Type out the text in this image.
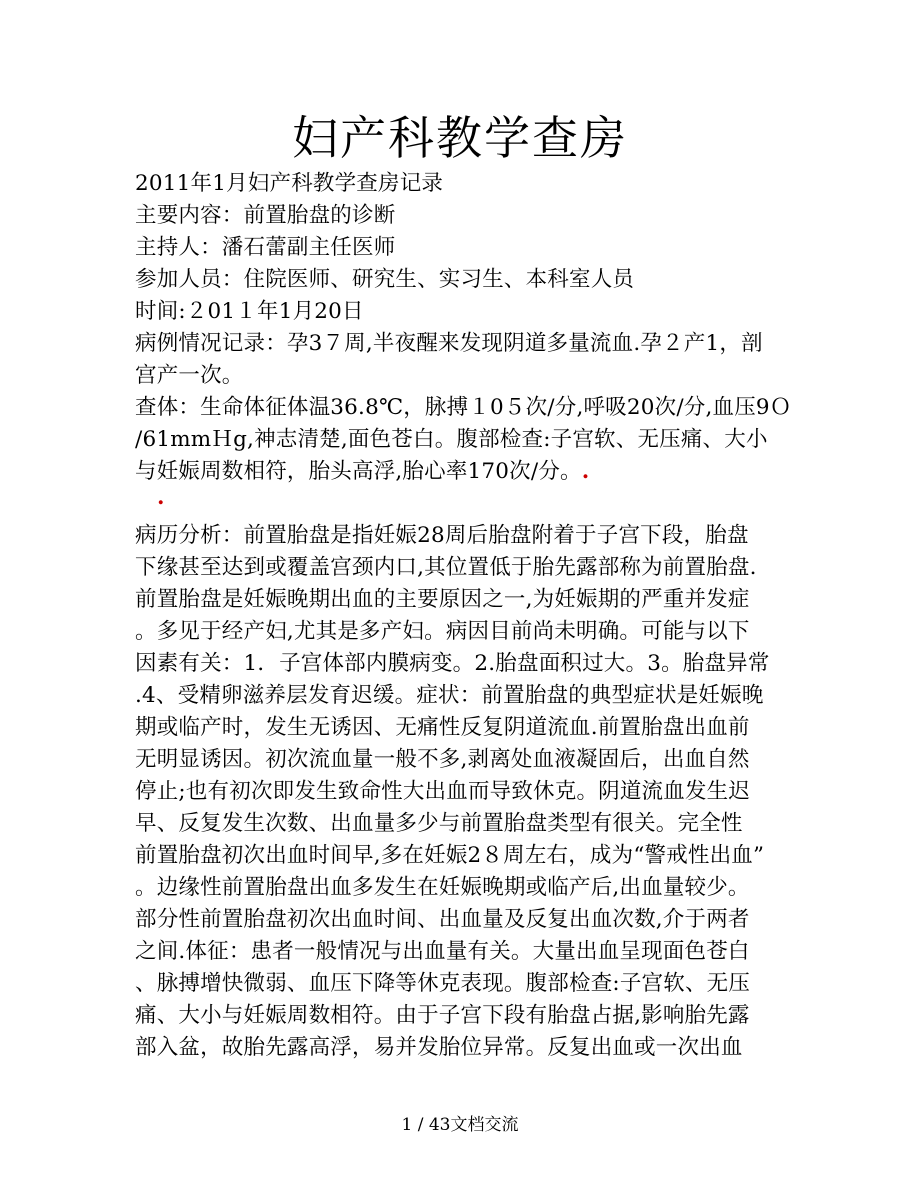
妇产科教学查房
2011年1月妇产科教学查房记录
主要内容：前置胎盘的诊断
主持人：潘石蕾副主任医师
参加人员：住院医师、研究生、实习生、本科室人员
时间:２01１年1月20日
病例情况记录：孕3７周,半夜醒来发现阴道多量流血.孕２产1，剖
宫产一次。
查体：生命体征体温36.8℃，脉搏１0５次/分,呼吸20次/分,血压9Ｏ
/61mmＨg,神志清楚,面色苍白。腹部检查:子宫软、无压痛、大小
与妊娠周数相符，胎头高浮,胎心率170次/分。.
.
病历分析：前置胎盘是指妊娠28周后胎盘附着于子宫下段，胎盘
下缘甚至达到或覆盖宫颈内口,其位置低于胎先露部称为前置胎盘.
前置胎盘是妊娠晚期出血的主要原因之一,为妊娠期的严重并发症
。多见于经产妇,尤其是多产妇。病因目前尚未明确。可能与以下
因素有关：1．子宫体部内膜病变。2.胎盘面积过大。3。胎盘异常
.4、受精卵滋养层发育迟缓。症状：前置胎盘的典型症状是妊娠晚
期或临产时，发生无诱因、无痛性反复阴道流血.前置胎盘出血前
无明显诱因。初次流血量一般不多,剥离处血液凝固后，出血自然
停止;也有初次即发生致命性大出血而导致休克。阴道流血发生迟
早、反复发生次数、出血量多少与前置胎盘类型有很关。完全性
前置胎盘初次出血时间早,多在妊娠2８周左右，成为“警戒性出血”
。边缘性前置胎盘出血多发生在妊娠晚期或临产后,出血量较少。
部分性前置胎盘初次出血时间、出血量及反复出血次数,介于两者
之间.体征：患者一般情况与出血量有关。大量出血呈现面色苍白
、脉搏增快微弱、血压下降等休克表现。腹部检查:子宫软、无压
痛、大小与妊娠周数相符。由于子宫下段有胎盘占据,影响胎先露
部入盆，故胎先露高浮，易并发胎位异常。反复出血或一次出血
1 / 43文档交流
